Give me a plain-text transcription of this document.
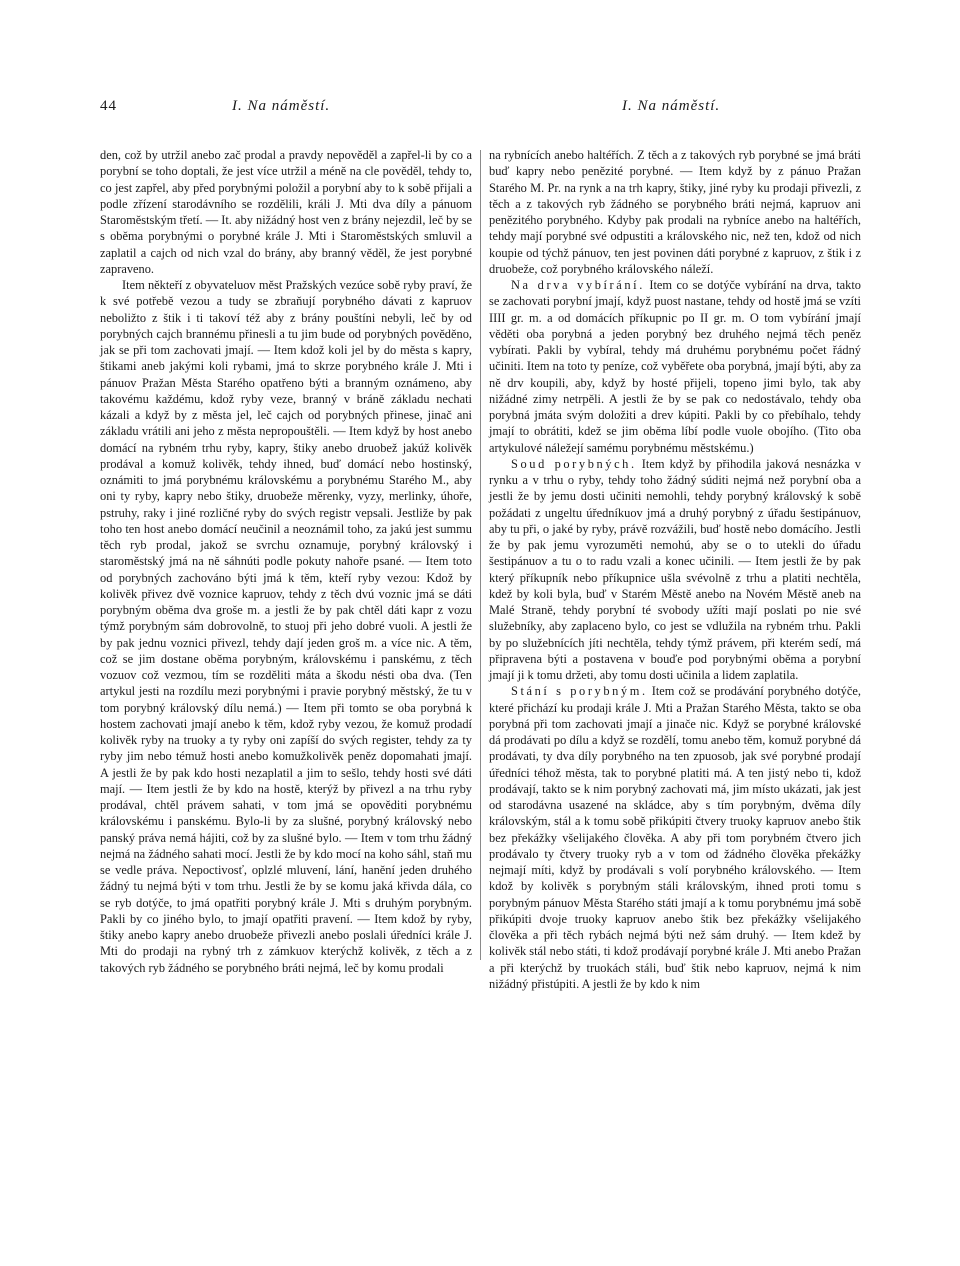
44	I. Na náměstí.	I. Na náměstí.

den, což by utržil anebo zač prodal a pravdy nepověděl a zapřel-li by co a porybní se toho doptali, že jest více utržil a méně na cle pověděl, tehdy to, co jest zapřel, aby před porybnými položil a porybní aby to k sobě přijali a podle zřízení starodávního se rozdělili, králi J. Mti dva díly a pánuom Staroměstským třetí. — It. aby nižádný host ven z brány nejezdil, leč by se s oběma porybnými o porybné krále J. Mti i Staroměstských smluvil a zaplatil a cajch od nich vzal do brány, aby branný věděl, že jest porybné zapraveno.

Item někteří z obyvateluov měst Pražských vezúce sobě ryby praví, že k své potřebě vezou a tudy se zbraňují porybného dávati z kapruov neboližto z štik i ti takoví též aby z brány pouštíni nebyli, leč by od porybných cajch brannému přinesli a tu jim bude od porybných pověděno, jak se při tom zachovati jmají. — Item kdož koli jel by do města s kapry, štikami aneb jakými koli rybami, jmá to skrze porybného krále J. Mti i pánuov Pražan Města Starého opatřeno býti a branným oznámeno, aby takovému každému, kdož ryby veze, branný v bráně základu nechati kázali a když by z města jel, leč cajch od porybných přinese, jinač ani základu vrátili ani jeho z města nepropouštěli. — Item když by host anebo domácí na rybném trhu ryby, kapry, štiky anebo druobež jakúž kolivěk prodával a komuž kolivěk, tehdy ihned, buď domácí nebo hostinský, oznámiti to jmá porybnému královskému a porybnému Starého M., aby oni ty ryby, kapry nebo štiky, druobeže měrenky, vyzy, merlinky, úhoře, pstruhy, raky i jiné rozličné ryby do svých registr vepsali. Jestliže by pak toho ten host anebo domácí neučinil a neoznámil toho, za jakú jest summu těch ryb prodal, jakož se svrchu oznamuje, porybný královský i staroměstský jmá na ně sáhnúti podle pokuty nahoře psané. — Item toto od porybných zachováno býti jmá k těm, kteří ryby vezou: Kdož by kolivěk přivez dvě voznice kapruov, tehdy z těch dvú voznic jmá se dáti porybným oběma dva groše m. a jestli že by pak chtěl dáti kapr z vozu týmž porybným sám dobrovolně, to stuoj při jeho dobré vuoli. A jestli že by pak jednu voznici přivezl, tehdy dají jeden groš m. a více nic. A těm, což se jim dostane oběma porybným, královskému i panskému, z těch vozuov což vezmou, tím se rozděliti máta a škodu nésti oba dva. (Ten artykul jesti na rozdílu mezi porybnými i pravie porybný městský, že tu v tom porybný královský dílu nemá.) — Item při tomto se oba porybná k hostem zachovati jmají anebo k těm, kdož ryby vezou, že komuž prodadí kolivěk ryby na truoky a ty ryby oni zapíší do svých register, tehdy za ty ryby jim nebo témuž hosti anebo komužkolivěk peněz dopomahati jmají. A jestli že by pak kdo hosti nezaplatil a jim to sešlo, tehdy hosti své dáti mají. — Item jestli že by kdo na hostě, kterýž by přivezl a na trhu ryby prodával, chtěl právem sahati, v tom jmá se opověditi porybnému královskému i panskému. Bylo-li by za slušné, porybný královský nebo panský práva nemá hájiti, což by za slušné bylo. — Item v tom trhu žádný nejmá na žádného sahati mocí. Jestli že by kdo mocí na koho sáhl, staň mu se vedle práva. Nepoctivosť, oplzlé mluvení, lání, hanění jeden druhého žádný tu nejmá býti v tom trhu. Jestli že by se komu jaká křivda dála, co se ryb dotýče, to jmá opatřiti porybný krále J. Mti s druhým porybným. Pakli by co jiného bylo, to jmají opatřiti pravení. — Item kdož by ryby, štiky anebo kapry anebo druobeže přivezli anebo poslali úředníci krále J. Mti do prodaji na rybný trh z zámkuov kterýchž kolivěk, z těch a z takových ryb žádného se porybného bráti nejmá, leč by komu prodali

na rybnících anebo haltéřích. Z těch a z takových ryb porybné se jmá bráti buď kapry nebo penězité porybné. — Item když by z pánuo Pražan Starého M. Pr. na rynk a na trh kapry, štiky, jiné ryby ku prodaji přivezli, z těch a z takových ryb žádného se porybného bráti nejmá, kapruov ani penězitého porybného. Kdyby pak prodali na rybníce anebo na haltéřích, tehdy mají porybné své odpustiti a královského nic, než ten, kdož od nich koupie od týchž pánuov, ten jest povinen dáti porybné z kapruov, z štik i z druobeže, což porybného královského náleží.

Na drva vybírání. Item co se dotýče vybírání na drva, takto se zachovati porybní jmají, když puost nastane, tehdy od hostě jmá se vzíti IIII gr. m. a od domácích příkupnic po II gr. m. O tom vybírání jmají věděti oba porybná a jeden porybný bez druhého nejmá těch peněz vybírati. Pakli by vybíral, tehdy má druhému porybnému počet řádný učiniti. Item na toto ty peníze, což vyběřete oba porybná, jmají býti, aby za ně drv koupili, aby, když by hosté přijeli, topeno jimi bylo, tak aby nižádné zimy netrpěli. A jestli že by se pak co nedostávalo, tehdy oba porybná jmáta svým doložiti a drev kúpiti. Pakli by co přebíhalo, tehdy jmají to obrátiti, kdež se jim oběma líbí podle vuole obojího. (Tito oba artykulové náležejí samému porybnému městskému.)

Soud porybných. Item když by přihodila jaková nesnázka v rynku a v trhu o ryby, tehdy toho žádný súditi nejmá než porybní oba a jestli že by jemu dosti učiniti nemohli, tehdy porybný královský k sobě požádati z ungeltu úředníkuov jmá a druhý porybný z úřadu šestipánuov, aby tu při, o jaké by ryby, právě rozvážili, buď hostě nebo domácího. Jestli že by pak jemu vyrozuměti nemohú, aby se o to utekli do úřadu šestipánuov a tu o to radu vzali a konec učinili. — Item jestli že by pak který příkupník nebo příkupnice ušla svévolně z trhu a platiti nechtěla, kdež by koli byla, buď v Starém Městě anebo na Novém Městě aneb na Malé Straně, tehdy porybní té svobody užíti mají poslati po nie své služebníky, aby zaplaceno bylo, co jest se vdlužila na rybném trhu. Pakli by po služebnících jíti nechtěla, tehdy týmž právem, při kterém sedí, má připravena býti a postavena v bouďe pod porybnými oběma a porybní jmají ji k tomu držeti, aby tomu dosti učinila a lidem zaplatila.

Stání s porybným. Item což se prodávání porybného dotýče, které přichází ku prodaji krále J. Mti a Pražan Starého Města, takto se oba porybná při tom zachovati jmají a jinače nic. Když se porybné královské dá prodávati po dílu a když se rozdělí, tomu anebo těm, komuž porybné dá prodávati, ty dva díly porybného na ten zpuosob, jak své porybné prodají úředníci téhož města, tak to porybné platiti má. A ten jistý nebo ti, kdož prodávají, takto se k nim porybný zachovati má, jim místo ukázati, jak jest od starodávna usazené na skládce, aby s tím porybným, dvěma díly královským, stál a k tomu sobě přikúpiti čtvery truoky kapruov anebo štik bez překážky všelijakého člověka. A aby při tom porybném čtvero jich prodávalo ty čtvery truoky ryb a v tom od žádného člověka překážky nejmají míti, když by prodávali s volí porybného královského. — Item kdož by kolivěk s porybným stáli královským, ihned proti tomu s porybným pánuov Města Starého státi jmají a k tomu porybnému jmá sobě přikúpiti dvoje truoky kapruov anebo štik bez překážky všelijakého člověka a při těch rybách nejmá býti než sám druhý. — Item kdež by kolivěk stál nebo státi, ti kdož prodávají porybné krále J. Mti anebo Pražan a při kterýchž by truokách stáli, buď štik nebo kapruov, nejmá k nim nižádný přistúpiti. A jestli že by kdo k nim
